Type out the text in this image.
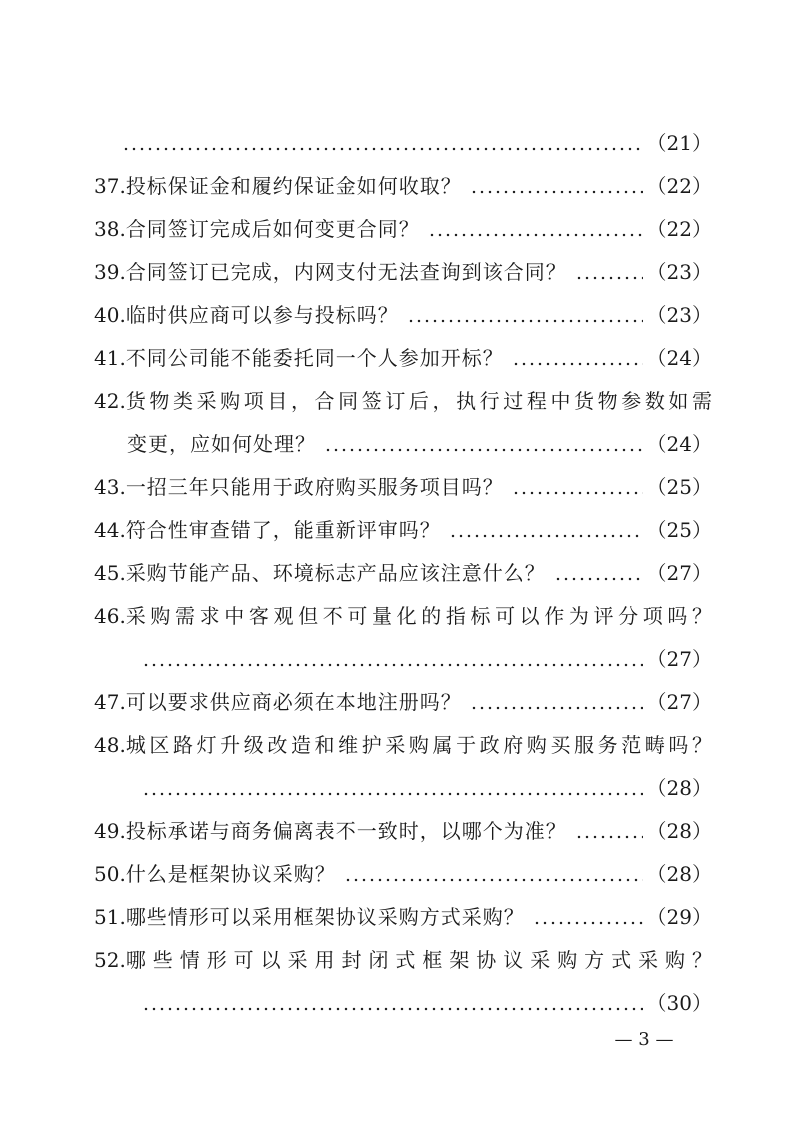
（21）
37. 投标保证金和履约保证金如何收取？	（22）
38. 合同签订完成后如何变更合同？	（22）
39. 合同签订已完成，内网支付无法查询到该合同？	（23）
40. 临时供应商可以参与投标吗？	（23）
41. 不同公司能不能委托同一个人参加开标？	（24）
42. 货物类采购项目，合同签订后，执行过程中货物参数如需
变更，应如何处理？	（24）
43. 一招三年只能用于政府购买服务项目吗？	（25）
44. 符合性审查错了，能重新评审吗？	（25）
45. 采购节能产品、环境标志产品应该注意什么？	（27）
46. 采购需求中客观但不可量化的指标可以作为评分项吗？
（27）
47. 可以要求供应商必须在本地注册吗？	（27）
48. 城区路灯升级改造和维护采购属于政府购买服务范畴吗？
（28）
49. 投标承诺与商务偏离表不一致时，以哪个为准？	（28）
50. 什么是框架协议采购？	（28）
51. 哪些情形可以采用框架协议采购方式采购？	（29）
52. 哪些情形可以采用封闭式框架协议采购方式采购？
（30）
— 3 —
